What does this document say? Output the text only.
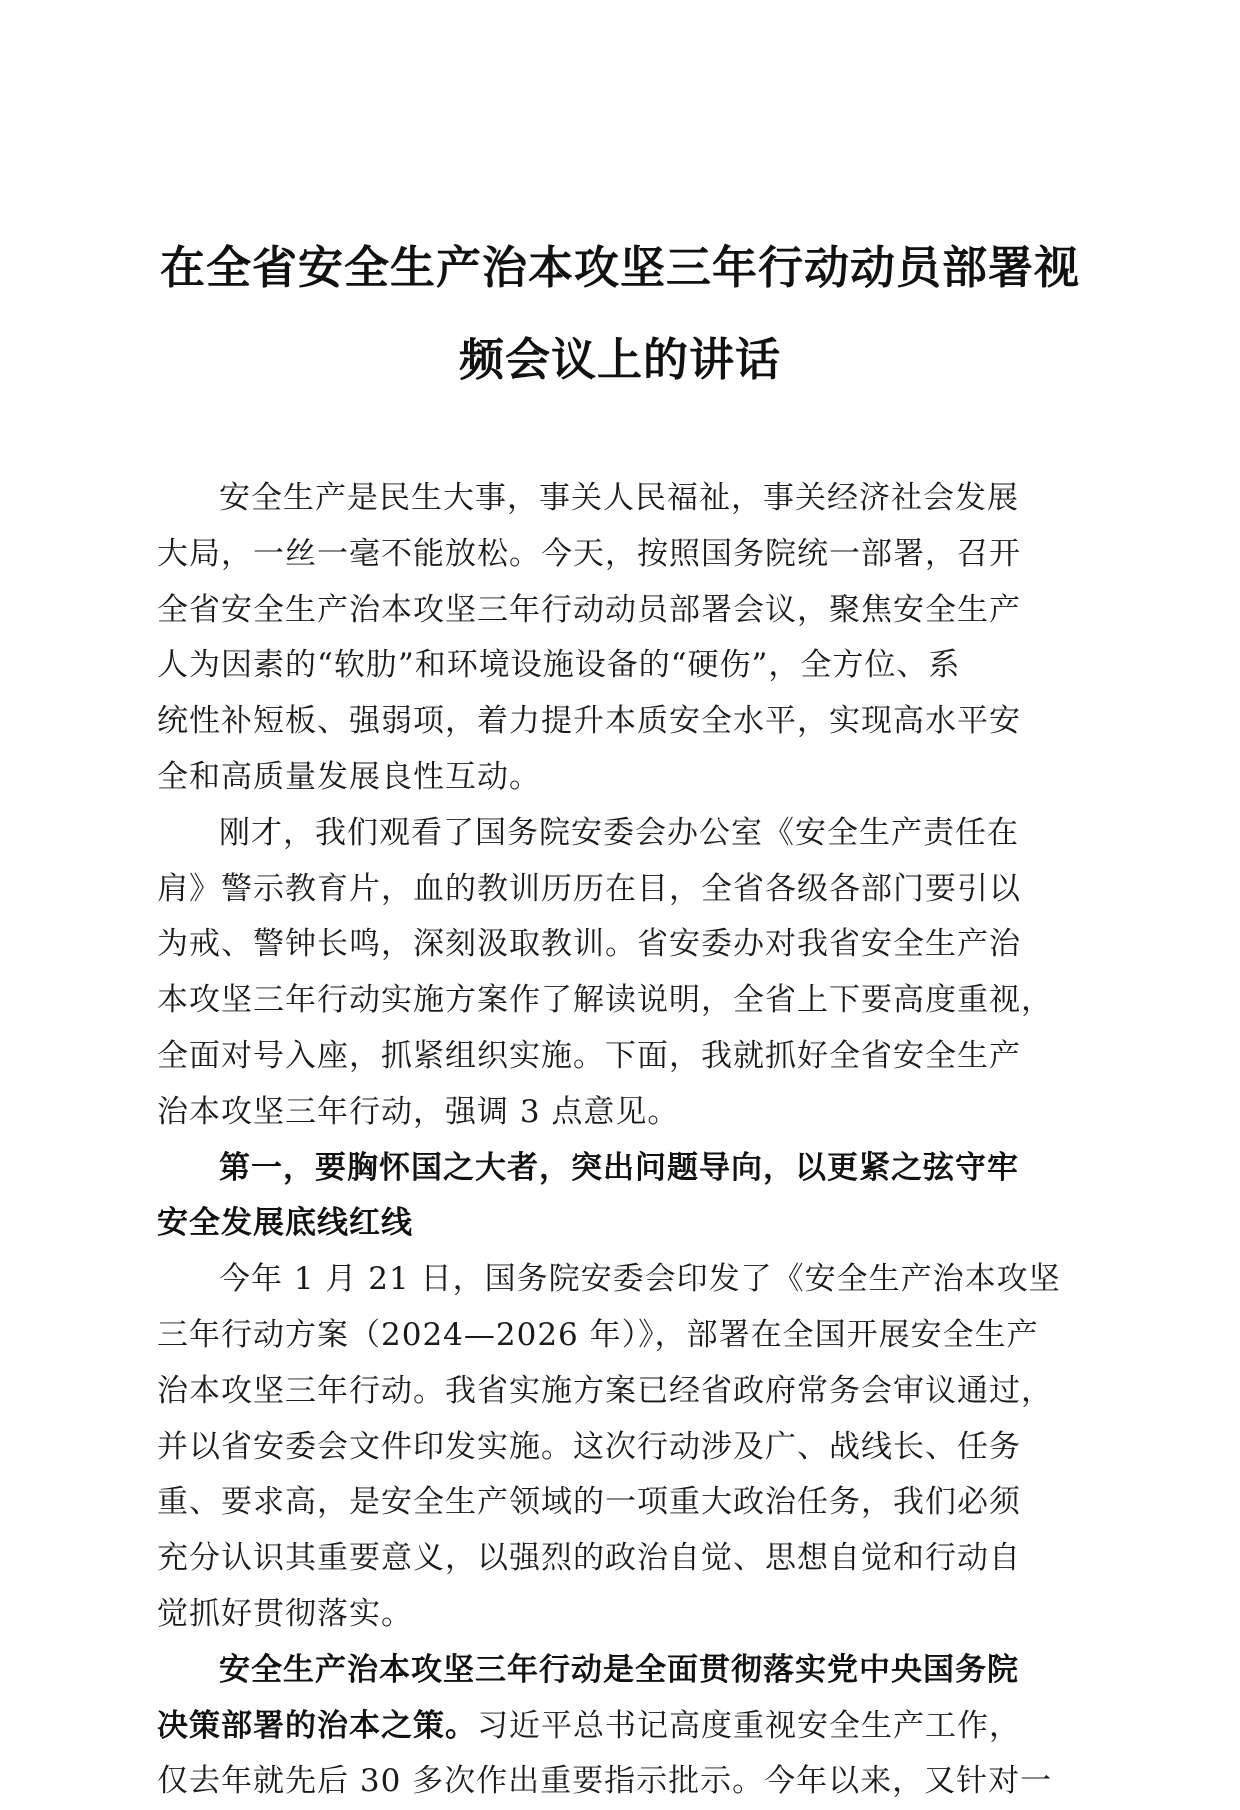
在全省安全生产治本攻坚三年行动动员部署视
频会议上的讲话

安全生产是民生大事，事关人民福祉，事关经济社会发展
大局，一丝一毫不能放松。今天，按照国务院统一部署，召开
全省安全生产治本攻坚三年行动动员部署会议，聚焦安全生产
人为因素的“软肋”和环境设施设备的“硬伤”，全方位、系
统性补短板、强弱项，着力提升本质安全水平，实现高水平安
全和高质量发展良性互动。

刚才，我们观看了国务院安委会办公室《安全生产责任在
肩》警示教育片，血的教训历历在目，全省各级各部门要引以
为戒、警钟长鸣，深刻汲取教训。省安委办对我省安全生产治
本攻坚三年行动实施方案作了解读说明，全省上下要高度重视，
全面对号入座，抓紧组织实施。下面，我就抓好全省安全生产
治本攻坚三年行动，强调 3 点意见。

第一，要胸怀国之大者，突出问题导向，以更紧之弦守牢
安全发展底线红线

今年 1 月 21 日，国务院安委会印发了《安全生产治本攻坚
三年行动方案（2024—2026 年）》，部署在全国开展安全生产
治本攻坚三年行动。我省实施方案已经省政府常务会审议通过，
并以省安委会文件印发实施。这次行动涉及广、战线长、任务
重、要求高，是安全生产领域的一项重大政治任务，我们必须
充分认识其重要意义，以强烈的政治自觉、思想自觉和行动自
觉抓好贯彻落实。

安全生产治本攻坚三年行动是全面贯彻落实党中央国务院
决策部署的治本之策。习近平总书记高度重视安全生产工作，
仅去年就先后 30 多次作出重要指示批示。今年以来，又针对一
